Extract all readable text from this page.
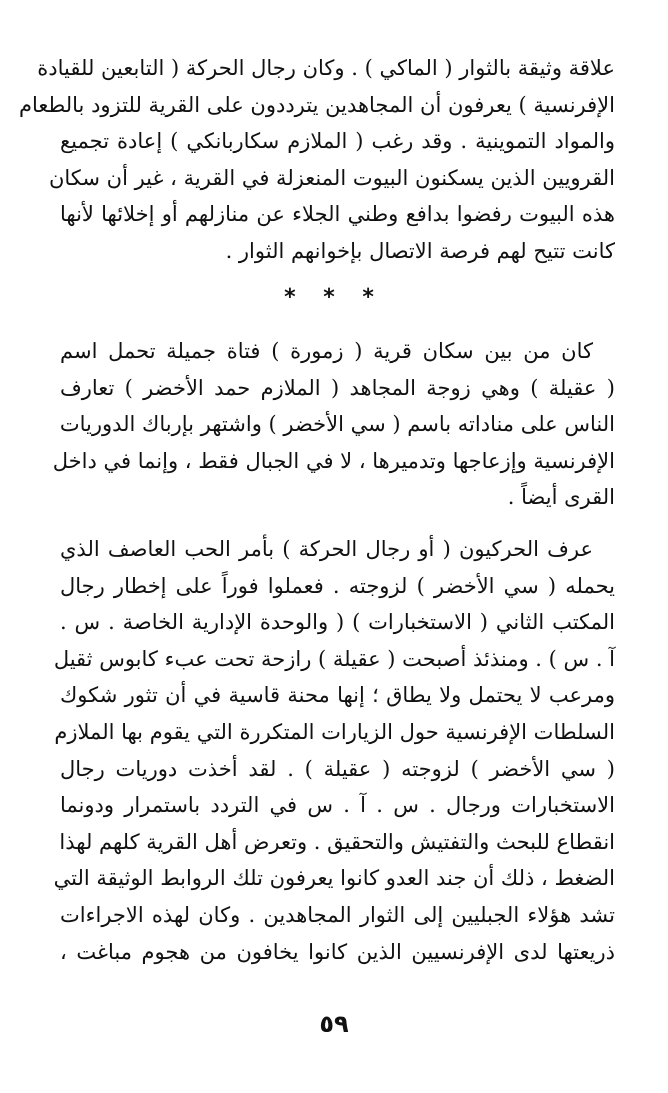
علاقة وثيقة بالثوار ( الماكي ) . وكان رجال الحركة ( التابعين للقيادة
الإفرنسية ) يعرفون أن المجاهدين يترددون على القرية للتزود بالطعام
والمواد التموينية . وقد رغب ( الملازم سكاربانكي ) إعادة تجميع
القرويين الذين يسكنون البيوت المنعزلة في القرية ، غير أن سكان
هذه البيوت رفضوا بدافع وطني الجلاء عن منازلهم أو إخلائها لأنها
كانت تتيح لهم فرصة الاتصال بإخوانهم الثوار .
* * *
كان من بين سكان قرية ( زمورة ) فتاة جميلة تحمل اسم
( عقيلة ) وهي زوجة المجاهد ( الملازم حمد الأخضر ) تعارف
الناس على مناداته باسم ( سي الأخضر ) واشتهر بإرباك الدوريات
الإفرنسية وإزعاجها وتدميرها ، لا في الجبال فقط ، وإنما في داخل
القرى أيضاً .
عرف الحركيون ( أو رجال الحركة ) بأمر الحب العاصف الذي
يحمله ( سي الأخضر ) لزوجته . فعملوا فوراً على إخطار رجال
المكتب الثاني ( الاستخبارات ) ( والوحدة الإدارية الخاصة . س .
آ . س ) . ومنذئذ أصبحت ( عقيلة ) رازحة تحت عبء كابوس ثقيل
ومرعب لا يحتمل ولا يطاق ؛ إنها محنة قاسية في أن تثور شكوك
السلطات الإفرنسية حول الزيارات المتكررة التي يقوم بها الملازم
( سي الأخضر ) لزوجته ( عقيلة ) . لقد أخذت دوريات رجال
الاستخبارات ورجال . س . آ . س في التردد باستمرار ودونما
انقطاع للبحث والتفتيش والتحقيق . وتعرض أهل القرية كلهم لهذا
الضغط ، ذلك أن جند العدو كانوا يعرفون تلك الروابط الوثيقة التي
تشد هؤلاء الجبليين إلى الثوار المجاهدين . وكان لهذه الاجراءات
ذريعتها لدى الإفرنسيين الذين كانوا يخافون من هجوم مباغت ،
٥٩
